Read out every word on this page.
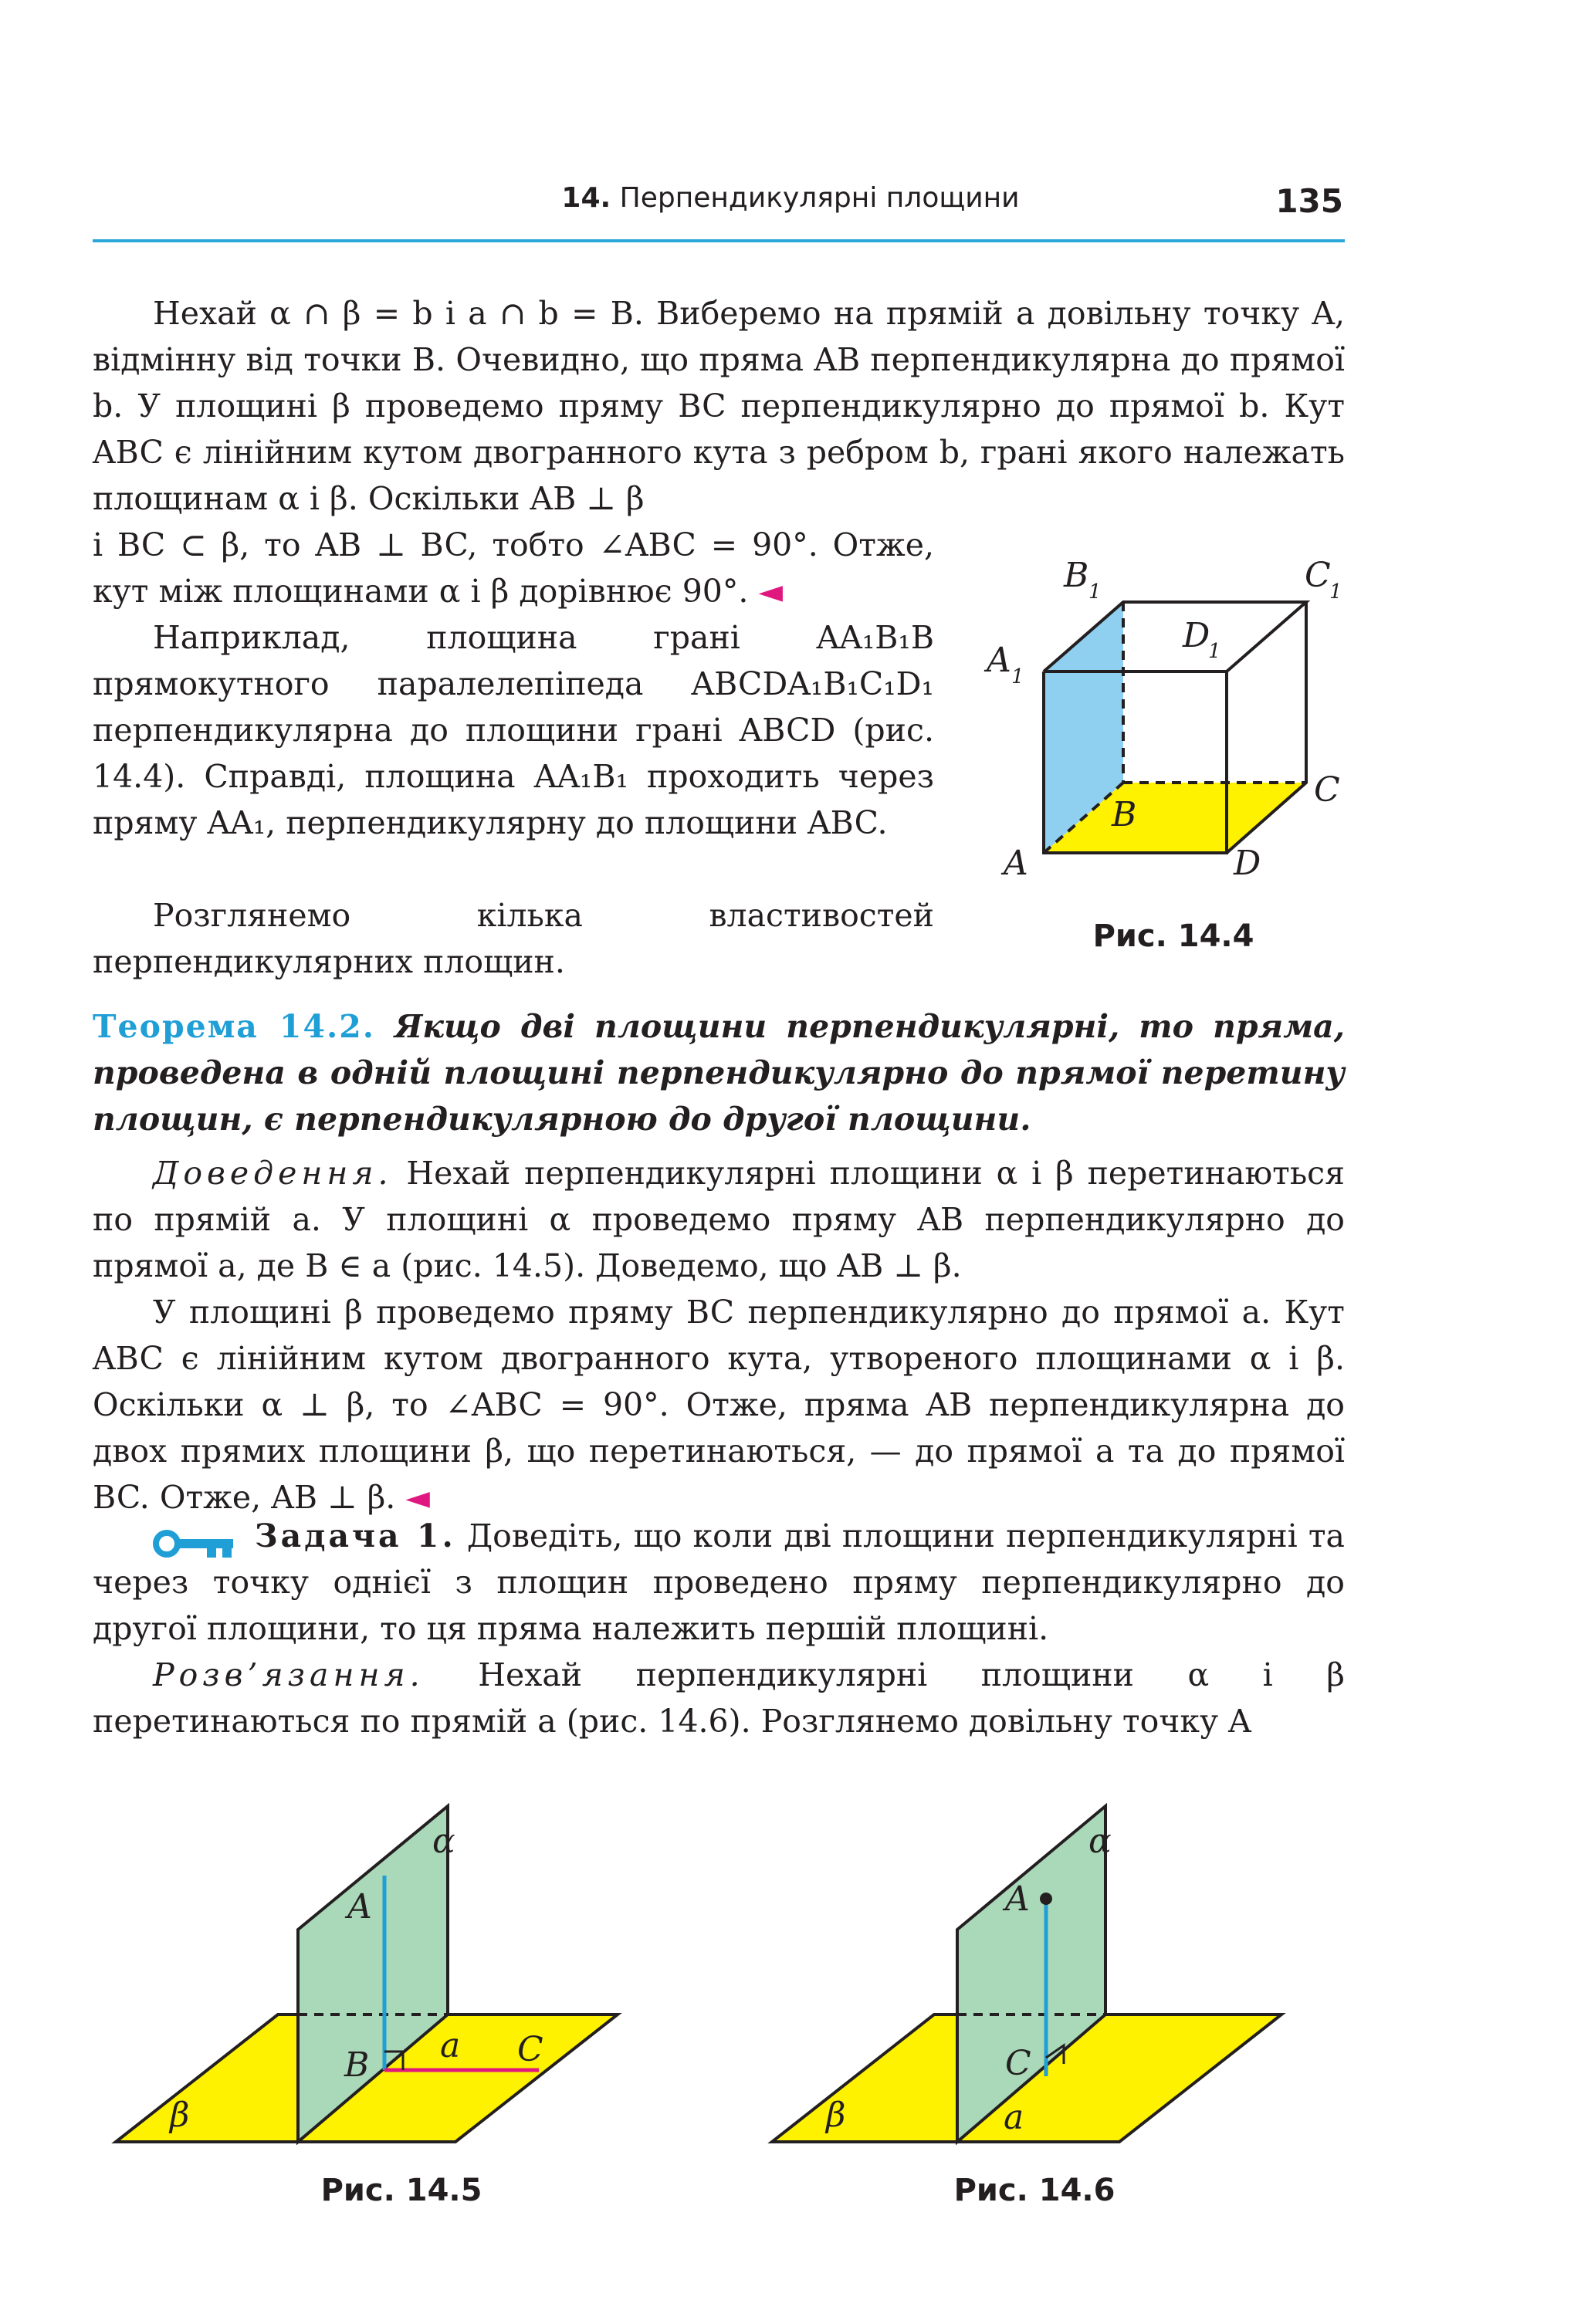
14. Перпендикулярні площини	135
Нехай α ∩ β = b і a ∩ b = B. Виберемо на прямій a довільну точку A, відмінну від точки B. Очевидно, що пряма AB перпендикулярна до прямої b. У площині β проведемо пряму BC перпендикулярно до прямої b. Кут ABC є лінійним кутом двогранного кута з ребром b, грані якого належать площинам α і β. Оскільки AB ⊥ β
і BC ⊂ β, то AB ⊥ BC, тобто ∠ABC = 90°. Отже, кут між площинами α і β дорівнює 90°. ◄
Наприклад, площина грані AA₁B₁B прямокутного паралелепіпеда ABCDA₁B₁C₁D₁ перпендикулярна до площини грані ABCD (рис. 14.4). Справді, площина AA₁B₁ проходить через пряму AA₁, перпендикулярну до площини ABC.
Розглянемо кілька властивостей перпендикулярних площин.
A	D
C
B
A 1
B 1	C
1
D
1
Рис. 14.4
Теорема 14.2. Якщо дві площини перпендикулярні, то пряма, проведена в одній площині перпендикулярно до прямої перетину площин, є перпендикулярною до другої площини.
Доведення. Нехай перпендикулярні площини α і β перетинаються по прямій a. У площині α проведемо пряму AB перпендикулярно до прямої a, де B ∈ a (рис. 14.5). Доведемо, що AB ⊥ β.
У площині β проведемо пряму BC перпендикулярно до прямої a. Кут ABC є лінійним кутом двогранного кута, утвореного площинами α і β. Оскільки α ⊥ β, то ∠ABC = 90°. Отже, пряма AB перпендикулярна до двох прямих площини β, що перетинаються, — до прямої a та до прямої BC. Отже, AB ⊥ β. ◄
Задача 1. Доведіть, що коли дві площини перпендикулярні та через точку однієї з площин проведено пряму перпендикулярно до другої площини, то ця пряма належить першій площині.
Розв’язання. Нехай перпендикулярні площини α і β перетинаються по прямій a (рис. 14.6). Розглянемо довільну точку A
α
A
B a C
β
Рис. 14.5
α
A
C
a
β
Рис. 14.6
